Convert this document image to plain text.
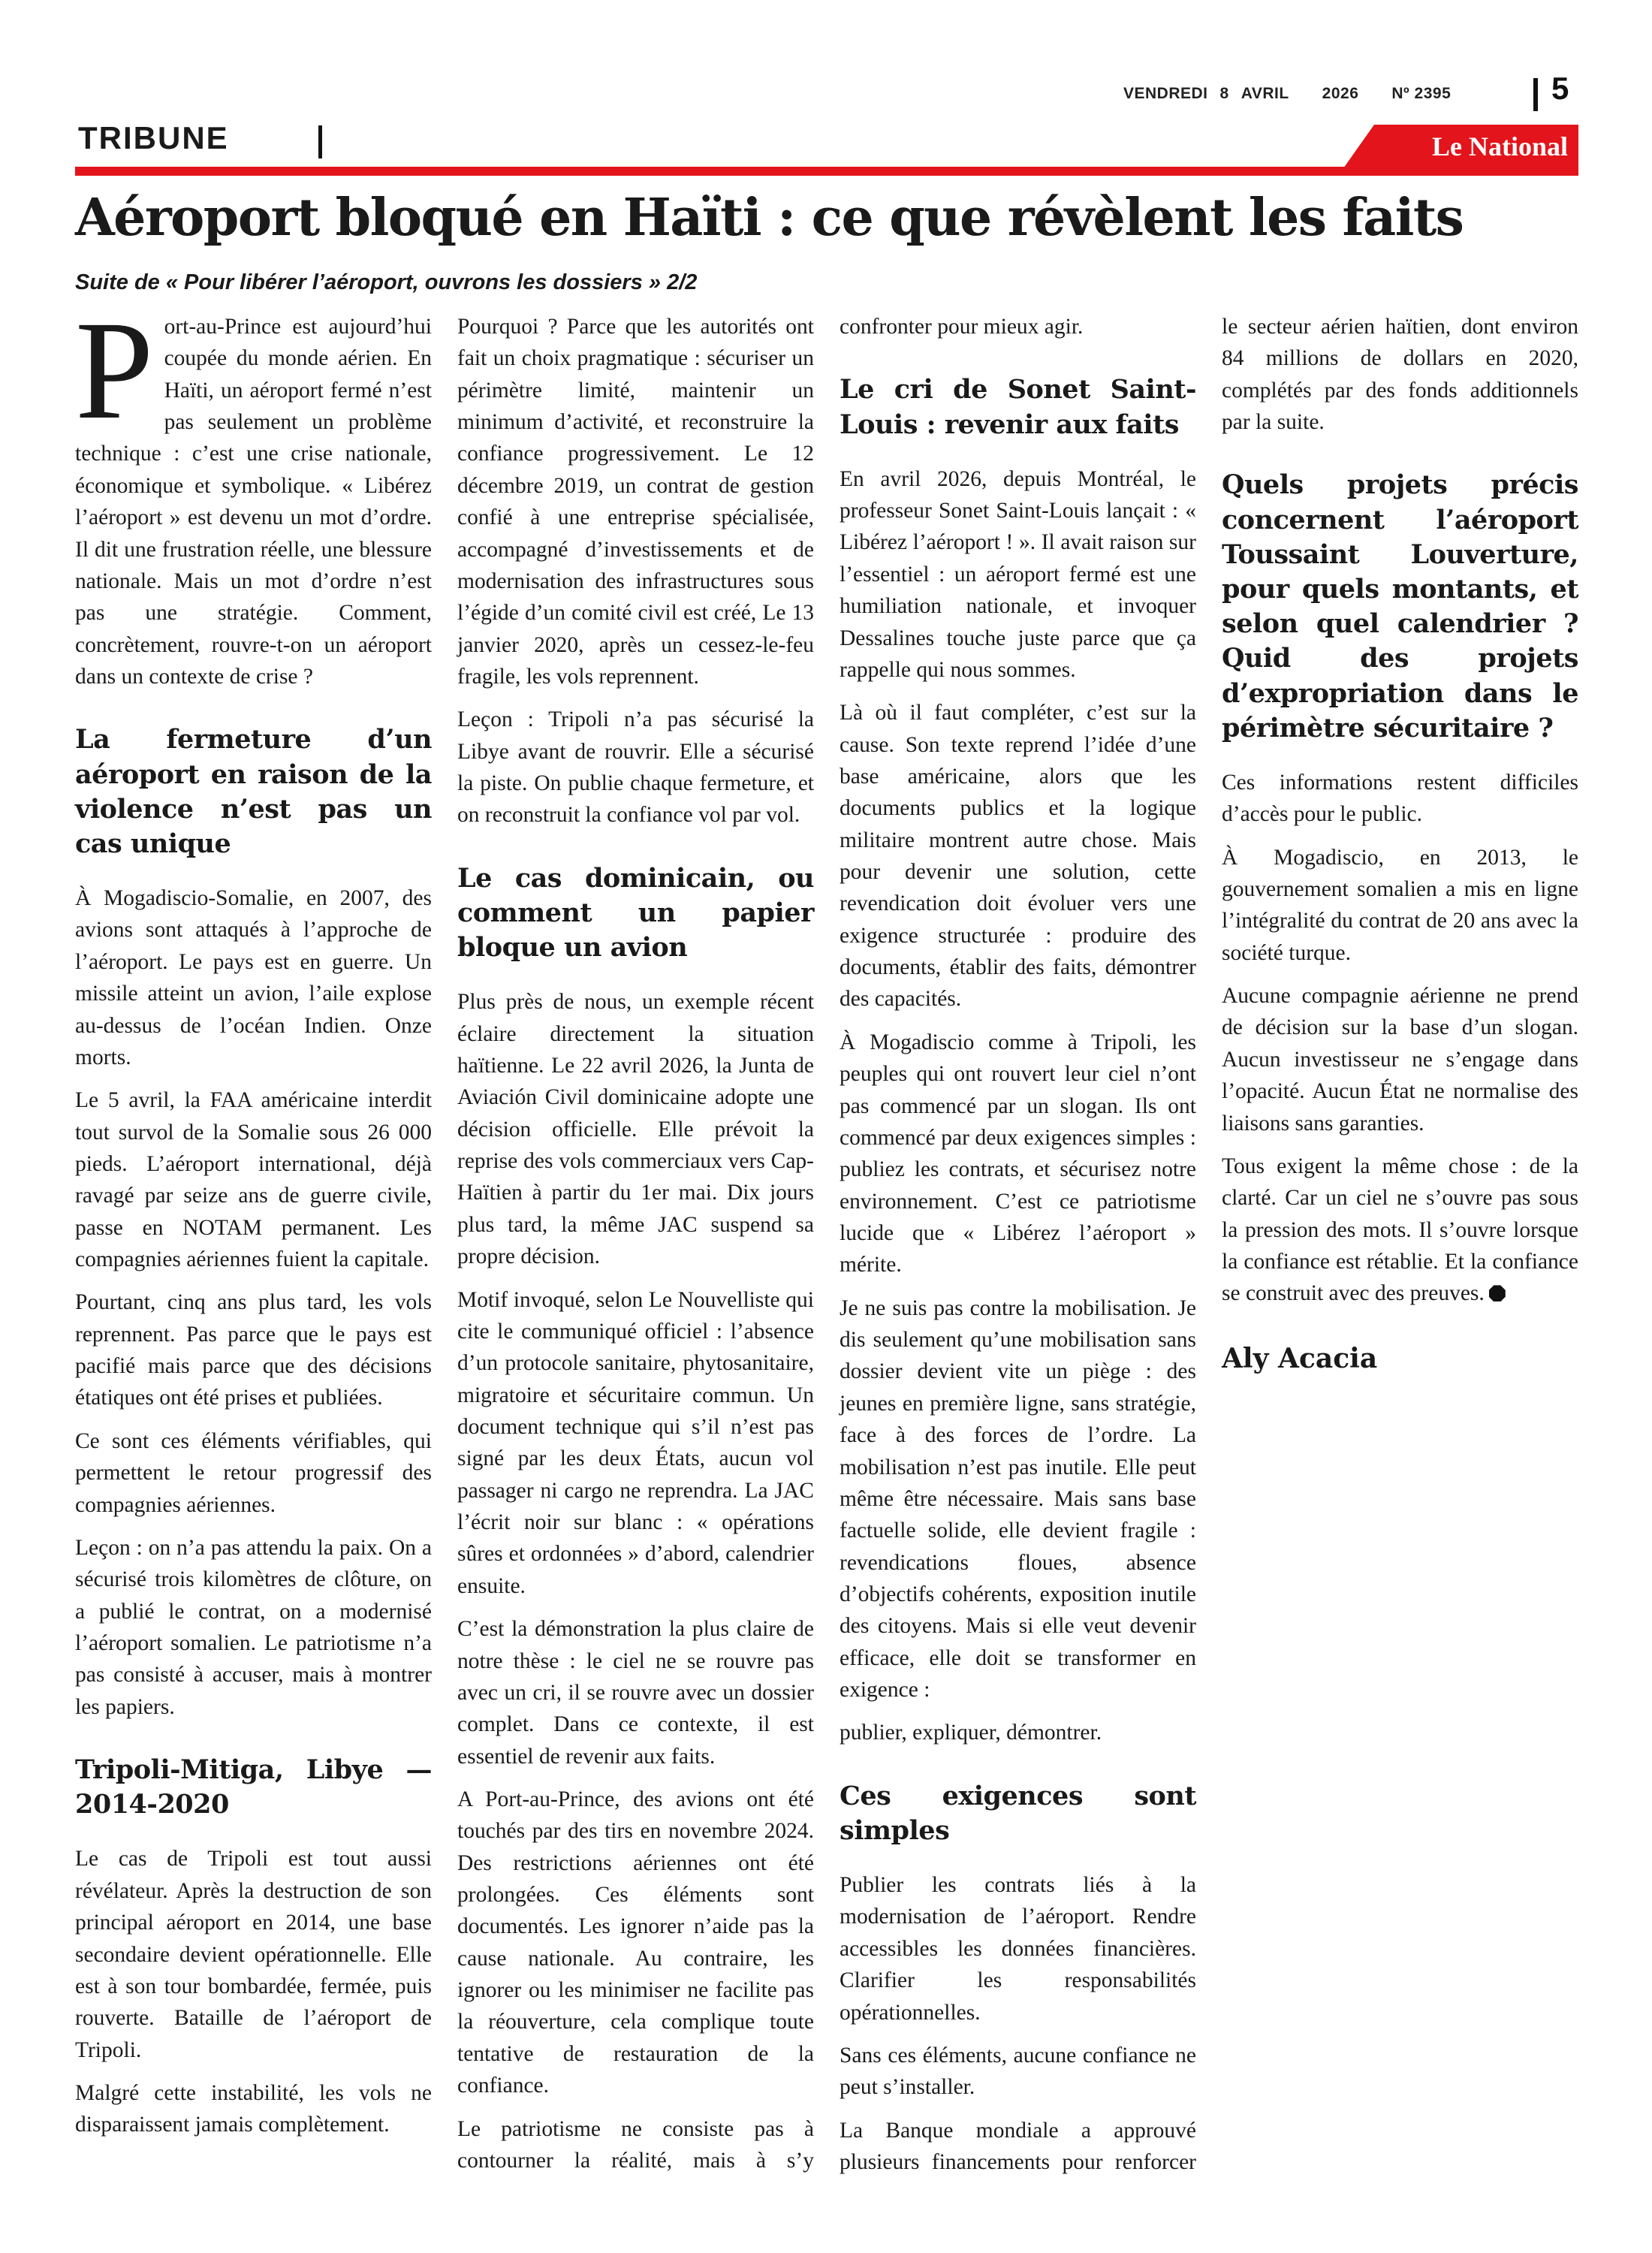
VENDREDI 8 AVRIL 2026 Nº 2395	5
TRIBUNE	Le National
Aéroport bloqué en Haïti : ce que révèlent les faits

Suite de « Pour libérer l’aéroport, ouvrons les dossiers » 2/2

Port-au-Prince est aujourd’hui coupée du monde aérien. En Haïti, un aéroport fermé n’est pas seulement un problème technique : c’est une crise nationale, économique et symbolique. « Libérez l’aéroport » est devenu un mot d’ordre. Il dit une frustration réelle, une blessure nationale. Mais un mot d’ordre n’est pas une stratégie. Comment, concrètement, rouvre-t-on un aéroport dans un contexte de crise ?

La fermeture d’un aéroport en raison de la violence n’est pas un cas unique

À Mogadiscio-Somalie, en 2007, des avions sont attaqués à l’approche de l’aéroport. Le pays est en guerre. Un missile atteint un avion, l’aile explose au-dessus de l’océan Indien. Onze morts.

Le 5 avril, la FAA américaine interdit tout survol de la Somalie sous 26 000 pieds. L’aéroport international, déjà ravagé par seize ans de guerre civile, passe en NOTAM permanent. Les compagnies aériennes fuient la capitale.

Pourtant, cinq ans plus tard, les vols reprennent. Pas parce que le pays est pacifié mais parce que des décisions étatiques ont été prises et publiées.

Ce sont ces éléments vérifiables, qui permettent le retour progressif des compagnies aériennes.

Leçon : on n’a pas attendu la paix. On a sécurisé trois kilomètres de clôture, on a publié le contrat, on a modernisé l’aéroport somalien. Le patriotisme n’a pas consisté à accuser, mais à montrer les papiers.

Tripoli-Mitiga, Libye — 2014-2020

Le cas de Tripoli est tout aussi révélateur. Après la destruction de son principal aéroport en 2014, une base secondaire devient opérationnelle. Elle est à son tour bombardée, fermée, puis rouverte. Bataille de l’aéroport de Tripoli.

Malgré cette instabilité, les vols ne disparaissent jamais complètement.

Pourquoi ? Parce que les autorités ont fait un choix pragmatique : sécuriser un périmètre limité, maintenir un minimum d’activité, et reconstruire la confiance progressivement. Le 12 décembre 2019, un contrat de gestion confié à une entreprise spécialisée, accompagné d’investissements et de modernisation des infrastructures sous l’égide d’un comité civil est créé, Le 13 janvier 2020, après un cessez-le-feu fragile, les vols reprennent.

Leçon : Tripoli n’a pas sécurisé la Libye avant de rouvrir. Elle a sécurisé la piste. On publie chaque fermeture, et on reconstruit la confiance vol par vol.

Le cas dominicain, ou comment un papier bloque un avion

Plus près de nous, un exemple récent éclaire directement la situation haïtienne. Le 22 avril 2026, la Junta de Aviación Civil dominicaine adopte une décision officielle. Elle prévoit la reprise des vols commerciaux vers Cap-Haïtien à partir du 1er mai. Dix jours plus tard, la même JAC suspend sa propre décision.

Motif invoqué, selon Le Nouvelliste qui cite le communiqué officiel : l’absence d’un protocole sanitaire, phytosanitaire, migratoire et sécuritaire commun. Un document technique qui s’il n’est pas signé par les deux États, aucun vol passager ni cargo ne reprendra. La JAC l’écrit noir sur blanc : « opérations sûres et ordonnées » d’abord, calendrier ensuite.

C’est la démonstration la plus claire de notre thèse : le ciel ne se rouvre pas avec un cri, il se rouvre avec un dossier complet. Dans ce contexte, il est essentiel de revenir aux faits.

A Port-au-Prince, des avions ont été touchés par des tirs en novembre 2024. Des restrictions aériennes ont été prolongées. Ces éléments sont documentés. Les ignorer n’aide pas la cause nationale. Au contraire, les ignorer ou les minimiser ne facilite pas la réouverture, cela complique toute tentative de restauration de la confiance.

Le patriotisme ne consiste pas à contourner la réalité, mais à s’y confronter pour mieux agir.

Le cri de Sonet Saint-Louis : revenir aux faits

En avril 2026, depuis Montréal, le professeur Sonet Saint-Louis lançait : « Libérez l’aéroport ! ». Il avait raison sur l’essentiel : un aéroport fermé est une humiliation nationale, et invoquer Dessalines touche juste parce que ça rappelle qui nous sommes.

Là où il faut compléter, c’est sur la cause. Son texte reprend l’idée d’une base américaine, alors que les documents publics et la logique militaire montrent autre chose. Mais pour devenir une solution, cette revendication doit évoluer vers une exigence structurée : produire des documents, établir des faits, démontrer des capacités.

À Mogadiscio comme à Tripoli, les peuples qui ont rouvert leur ciel n’ont pas commencé par un slogan. Ils ont commencé par deux exigences simples : publiez les contrats, et sécurisez notre environnement. C’est ce patriotisme lucide que « Libérez l’aéroport » mérite.

Je ne suis pas contre la mobilisation. Je dis seulement qu’une mobilisation sans dossier devient vite un piège : des jeunes en première ligne, sans stratégie, face à des forces de l’ordre. La mobilisation n’est pas inutile. Elle peut même être nécessaire. Mais sans base factuelle solide, elle devient fragile : revendications floues, absence d’objectifs cohérents, exposition inutile des citoyens. Mais si elle veut devenir efficace, elle doit se transformer en exigence :

publier, expliquer, démontrer.

Ces exigences sont simples

Publier les contrats liés à la modernisation de l’aéroport. Rendre accessibles les données financières. Clarifier les responsabilités opérationnelles.

Sans ces éléments, aucune confiance ne peut s’installer.

La Banque mondiale a approuvé plusieurs financements pour renforcer le secteur aérien haïtien, dont environ 84 millions de dollars en 2020, complétés par des fonds additionnels par la suite.

Quels projets précis concernent l’aéroport Toussaint Louverture, pour quels montants, et selon quel calendrier ? Quid des projets d’expropriation dans le périmètre sécuritaire ?

Ces informations restent difficiles d’accès pour le public.

À Mogadiscio, en 2013, le gouvernement somalien a mis en ligne l’intégralité du contrat de 20 ans avec la société turque.

Aucune compagnie aérienne ne prend de décision sur la base d’un slogan. Aucun investisseur ne s’engage dans l’opacité. Aucun État ne normalise des liaisons sans garanties.

Tous exigent la même chose : de la clarté. Car un ciel ne s’ouvre pas sous la pression des mots. Il s’ouvre lorsque la confiance est rétablie. Et la confiance se construit avec des preuves.

Aly Acacia
